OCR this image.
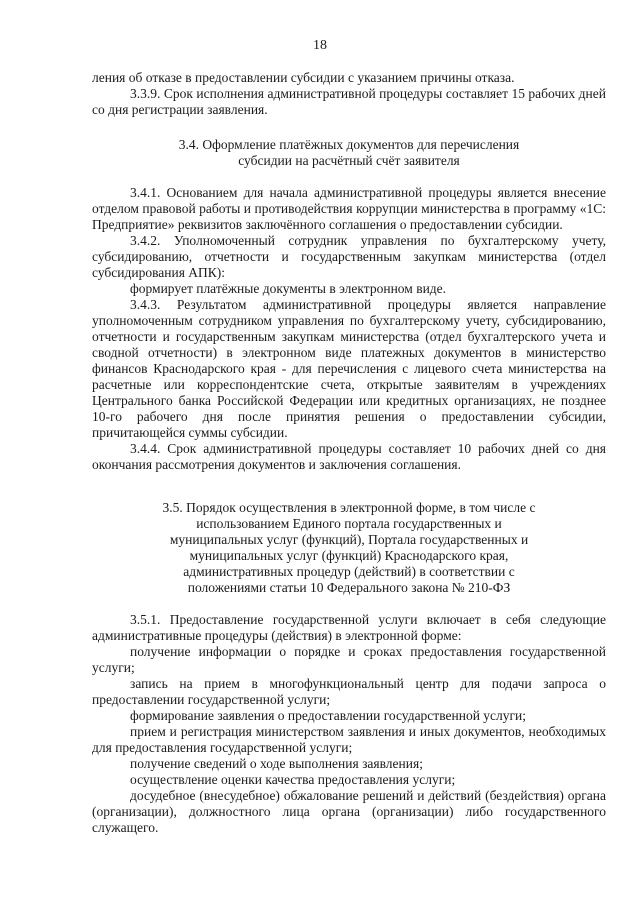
18

ления об отказе в предоставлении субсидии с указанием причины отказа.

3.3.9. Срок исполнения административной процедуры составляет 15 рабочих дней со дня регистрации заявления.

3.4. Оформление платёжных документов для перечисления субсидии на расчётный счёт заявителя

3.4.1. Основанием для начала административной процедуры является внесение отделом правовой работы и противодействия коррупции министерства в программу «1С: Предприятие» реквизитов заключённого соглашения о предоставлении субсидии.

3.4.2. Уполномоченный сотрудник управления по бухгалтерскому учету, субсидированию, отчетности и государственным закупкам министерства (отдел субсидирования АПК):

формирует платёжные документы в электронном виде.

3.4.3. Результатом административной процедуры является направление уполномоченным сотрудником управления по бухгалтерскому учету, субсидированию, отчетности и государственным закупкам министерства (отдел бухгалтерского учета и сводной отчетности) в электронном виде платежных документов в министерство финансов Краснодарского края - для перечисления с лицевого счета министерства на расчетные или корреспондентские счета, открытые заявителям в учреждениях Центрального банка Российской Федерации или кредитных организациях, не позднее 10-го рабочего дня после принятия решения о предоставлении субсидии, причитающейся суммы субсидии.

3.4.4. Срок административной процедуры составляет 10 рабочих дней со дня окончания рассмотрения документов и заключения соглашения.

3.5. Порядок осуществления в электронной форме, в том числе с использованием Единого портала государственных и муниципальных услуг (функций), Портала государственных и муниципальных услуг (функций) Краснодарского края, административных процедур (действий) в соответствии с положениями статьи 10 Федерального закона № 210-ФЗ

3.5.1. Предоставление государственной услуги включает в себя следующие административные процедуры (действия) в электронной форме:

получение информации о порядке и сроках предоставления государственной услуги;

запись на прием в многофункциональный центр для подачи запроса о предоставлении государственной услуги;

формирование заявления о предоставлении государственной услуги;

прием и регистрация министерством заявления и иных документов, необходимых для предоставления государственной услуги;

получение сведений о ходе выполнения заявления;

осуществление оценки качества предоставления услуги;

досудебное (внесудебное) обжалование решений и действий (бездействия) органа (организации), должностного лица органа (организации) либо государственного служащего.
